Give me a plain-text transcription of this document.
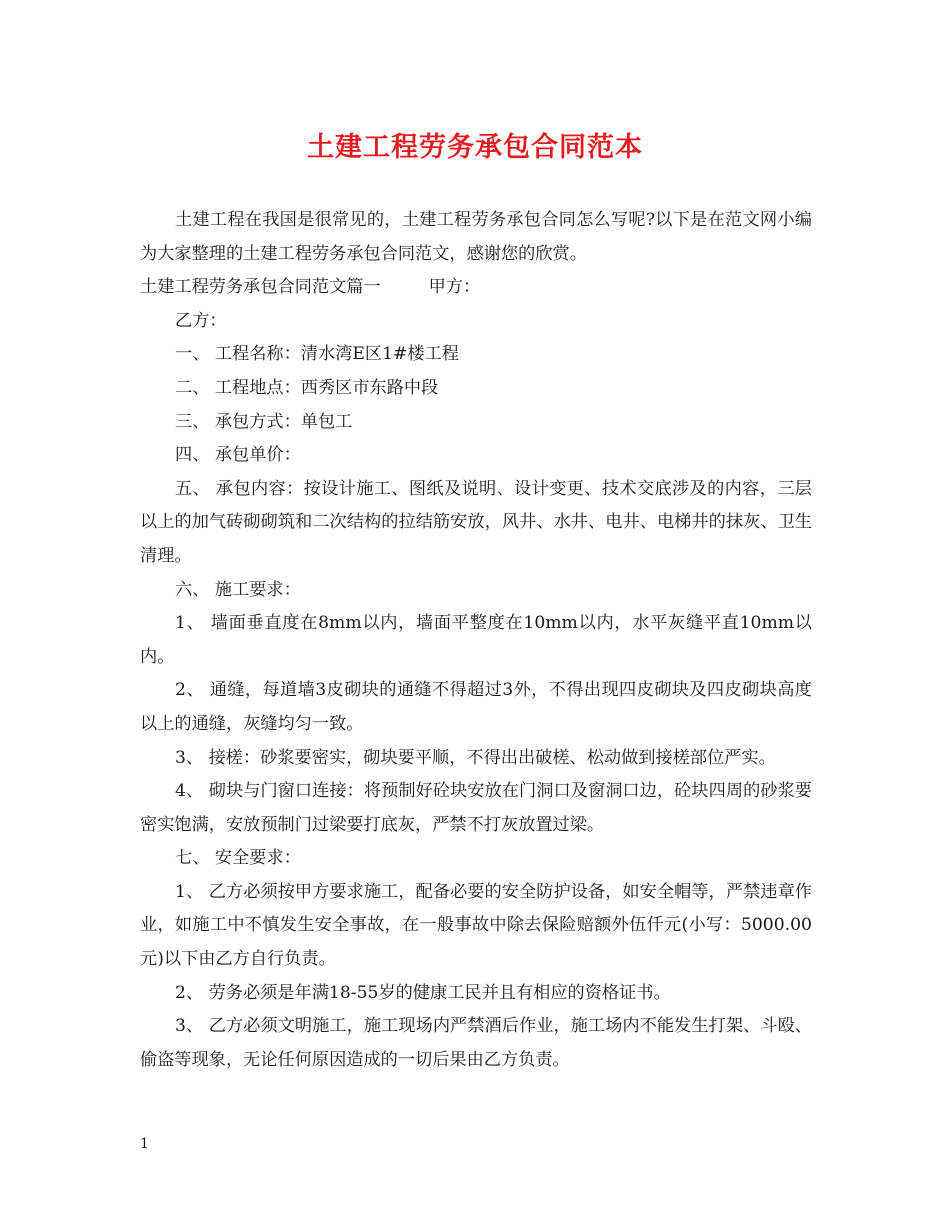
土建工程劳务承包合同范本

土建工程在我国是很常见的，土建工程劳务承包合同怎么写呢?以下是在范文网小编为大家整理的土建工程劳务承包合同范文，感谢您的欣赏。

土建工程劳务承包合同范文篇一	甲方：

乙方：

一、 工程名称：清水湾E区1#楼工程

二、 工程地点：西秀区市东路中段

三、 承包方式：单包工

四、 承包单价：

五、 承包内容：按设计施工、图纸及说明、设计变更、技术交底涉及的内容，三层以上的加气砖砌砌筑和二次结构的拉结筋安放，风井、水井、电井、电梯井的抹灰、卫生清理。

六、 施工要求：

1、 墙面垂直度在8mm以内，墙面平整度在10mm以内，水平灰缝平直10mm以内。

2、 通缝，每道墙3皮砌块的通缝不得超过3外，不得出现四皮砌块及四皮砌块高度以上的通缝，灰缝均匀一致。

3、 接槎：砂浆要密实，砌块要平顺，不得出出破槎、松动做到接槎部位严实。

4、 砌块与门窗口连接：将预制好砼块安放在门洞口及窗洞口边，砼块四周的砂浆要密实饱满，安放预制门过梁要打底灰，严禁不打灰放置过梁。

七、 安全要求：

1、 乙方必须按甲方要求施工，配备必要的安全防护设备，如安全帽等，严禁违章作业，如施工中不慎发生安全事故，在一般事故中除去保险赔额外伍仟元(小写：5000.00元)以下由乙方自行负责。

2、 劳务必须是年满18-55岁的健康工民并且有相应的资格证书。

3、 乙方必须文明施工，施工现场内严禁酒后作业，施工场内不能发生打架、斗殴、偷盗等现象，无论任何原因造成的一切后果由乙方负责。

1
